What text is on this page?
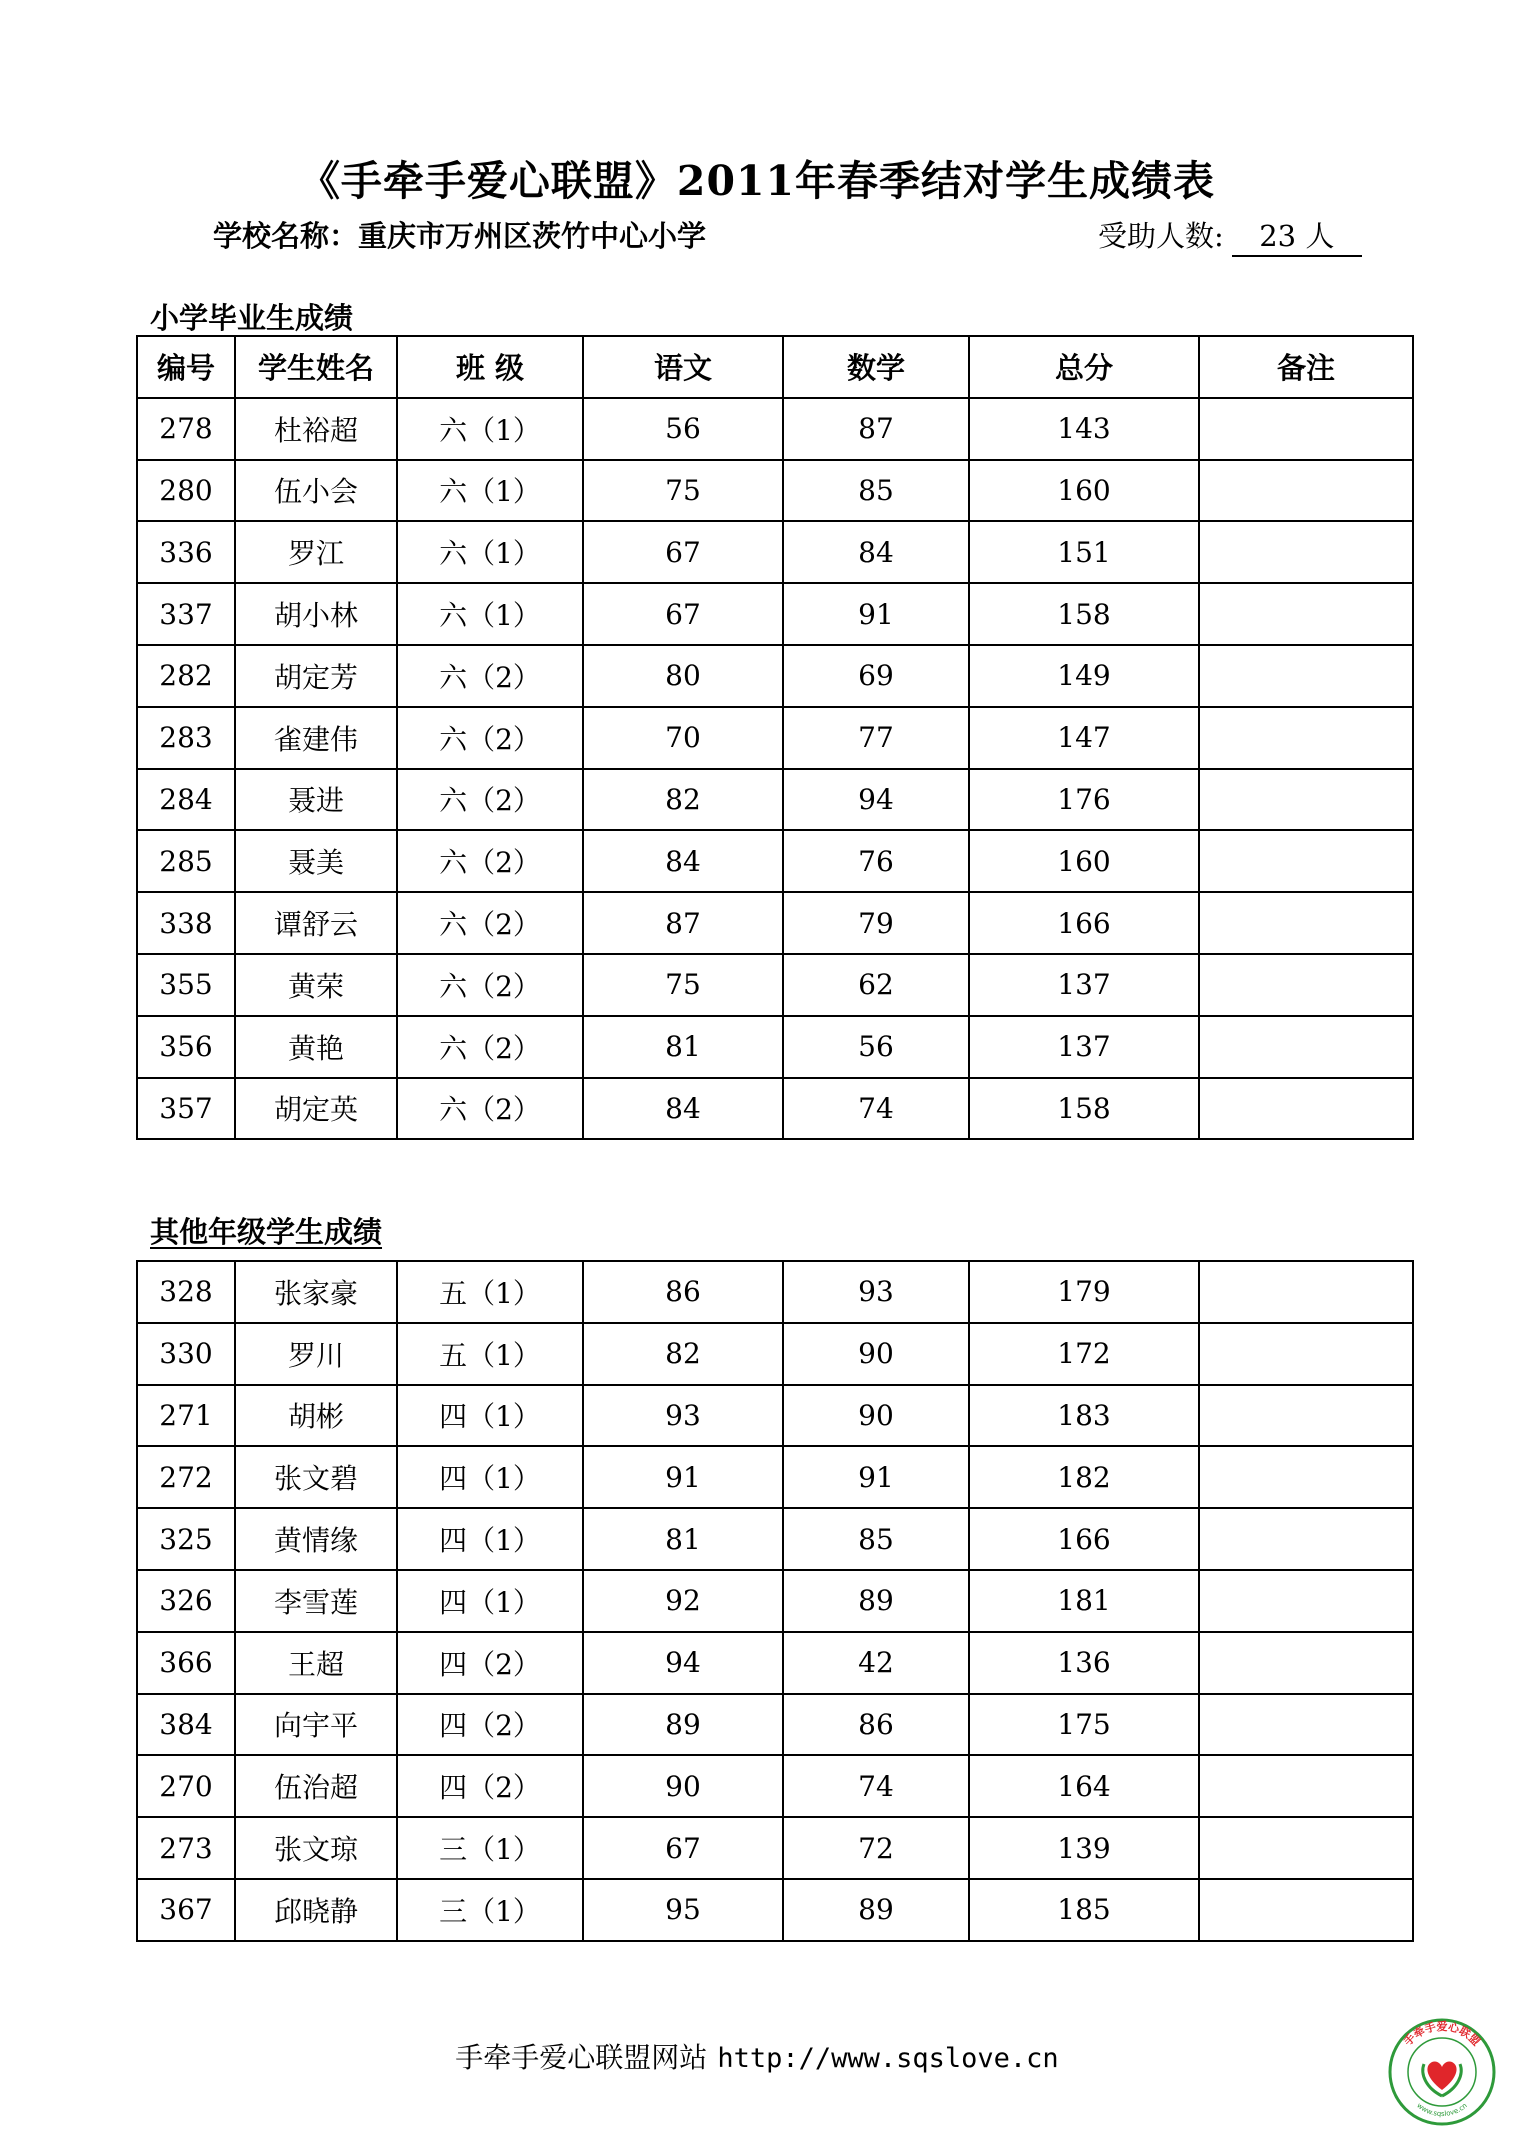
《手牵手爱心联盟》2011年春季结对学生成绩表
学校名称：重庆市万州区茨竹中心小学	受助人数: 23 人
小学毕业生成绩
编号	学生姓名	班 级	语文	数学	总分	备注
278	杜裕超	六（1）	56	87	143	
280	伍小会	六（1）	75	85	160	
336	罗江	六（1）	67	84	151	
337	胡小林	六（1）	67	91	158	
282	胡定芳	六（2）	80	69	149	
283	雀建伟	六（2）	70	77	147	
284	聂进	六（2）	82	94	176	
285	聂美	六（2）	84	76	160	
338	谭舒云	六（2）	87	79	166	
355	黄荣	六（2）	75	62	137	
356	黄艳	六（2）	81	56	137	
357	胡定英	六（2）	84	74	158	
其他年级学生成绩
328	张家豪	五（1）	86	93	179	
330	罗川	五（1）	82	90	172	
271	胡彬	四（1）	93	90	183	
272	张文碧	四（1）	91	91	182	
325	黄情缘	四（1）	81	85	166	
326	李雪莲	四（1）	92	89	181	
366	王超	四（2）	94	42	136	
384	向宇平	四（2）	89	86	175	
270	伍治超	四（2）	90	74	164	
273	张文琼	三（1）	67	72	139	
367	邱晓静	三（1）	95	89	185	
手牵手爱心联盟网站 http://www.sqslove.cn
手牵手爱心联盟
www.sqslove.cn
